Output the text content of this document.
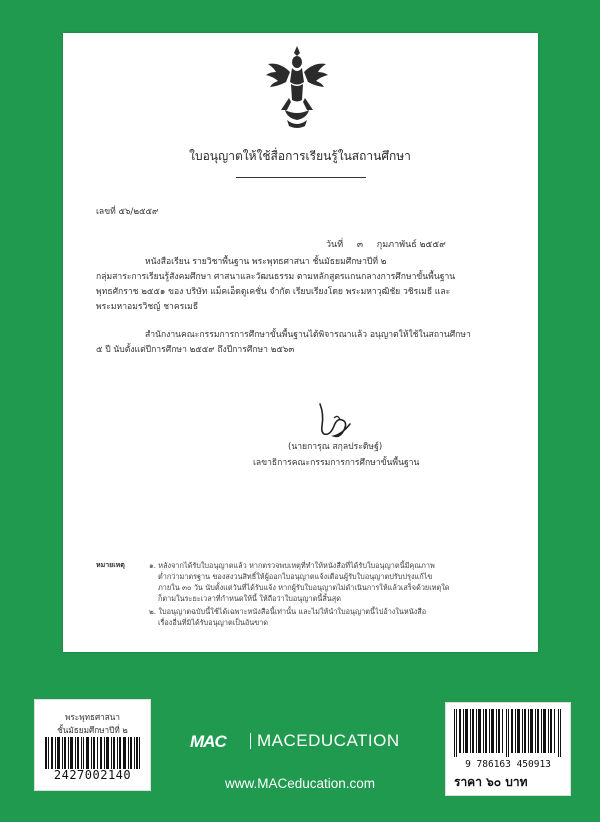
ใบอนุญาตให้ใช้สื่อการเรียนรู้ในสถานศึกษา
เลขที่ ๕๖/๒๕๕๙
วันที่ ๓ กุมภาพันธ์ ๒๕๕๙
หนังสือเรียน รายวิชาพื้นฐาน พระพุทธศาสนา ชั้นมัธยมศึกษาปีที่ ๒
กลุ่มสาระการเรียนรู้สังคมศึกษา ศาสนาและวัฒนธรรม ตามหลักสูตรแกนกลางการศึกษาขั้นพื้นฐาน
พุทธศักราช ๒๕๕๑ ของ บริษัท แม็คเอ็ดดูเคชั่น จำกัด เรียบเรียงโดย พระมหาวุฒิชัย วชิรเมธี และ
พระมหาอมรวิชญ์ ชาครเมธี
สำนักงานคณะกรรมการการศึกษาขั้นพื้นฐานได้พิจารณาแล้ว อนุญาตให้ใช้ในสถานศึกษา
๕ ปี นับตั้งแต่ปีการศึกษา ๒๕๕๙ ถึงปีการศึกษา ๒๕๖๓
(นายการุณ สกุลประดิษฐ์)
เลขาธิการคณะกรรมการการศึกษาขั้นพื้นฐาน
หมายเหตุ	๑. หลังจากได้รับใบอนุญาตแล้ว หากตรวจพบเหตุที่ทำให้หนังสือที่ได้รับใบอนุญาตนี้มีคุณภาพ
ต่ำกว่ามาตรฐาน ของสงวนสิทธิ์ให้ผู้ออกใบอนุญาตแจ้งเตือนผู้รับใบอนุญาตปรับปรุงแก้ไข
ภายใน ๓๐ วัน นับตั้งแต่วันที่ได้รับแจ้ง หากผู้รับใบอนุญาตไม่ดำเนินการให้แล้วเสร็จด้วยเหตุใด
ก็ตามในระยะเวลาที่กำหนดให้นี้ ให้ถือว่าใบอนุญาตนี้สิ้นสุด
๒. ใบอนุญาตฉบับนี้ใช้ได้เฉพาะหนังสือนี้เท่านั้น และไม่ให้นำใบอนุญาตนี้ไปอ้างในหนังสือ
เรื่องอื่นที่มิได้รับอนุญาตเป็นอันขาด
พระพุทธศาสนา
ชั้นมัธยมศึกษาปีที่ ๒
2427002140
MAC MACEDUCATION
www.MACeducation.com
9 786163 450913
ราคา ๖๐ บาท
